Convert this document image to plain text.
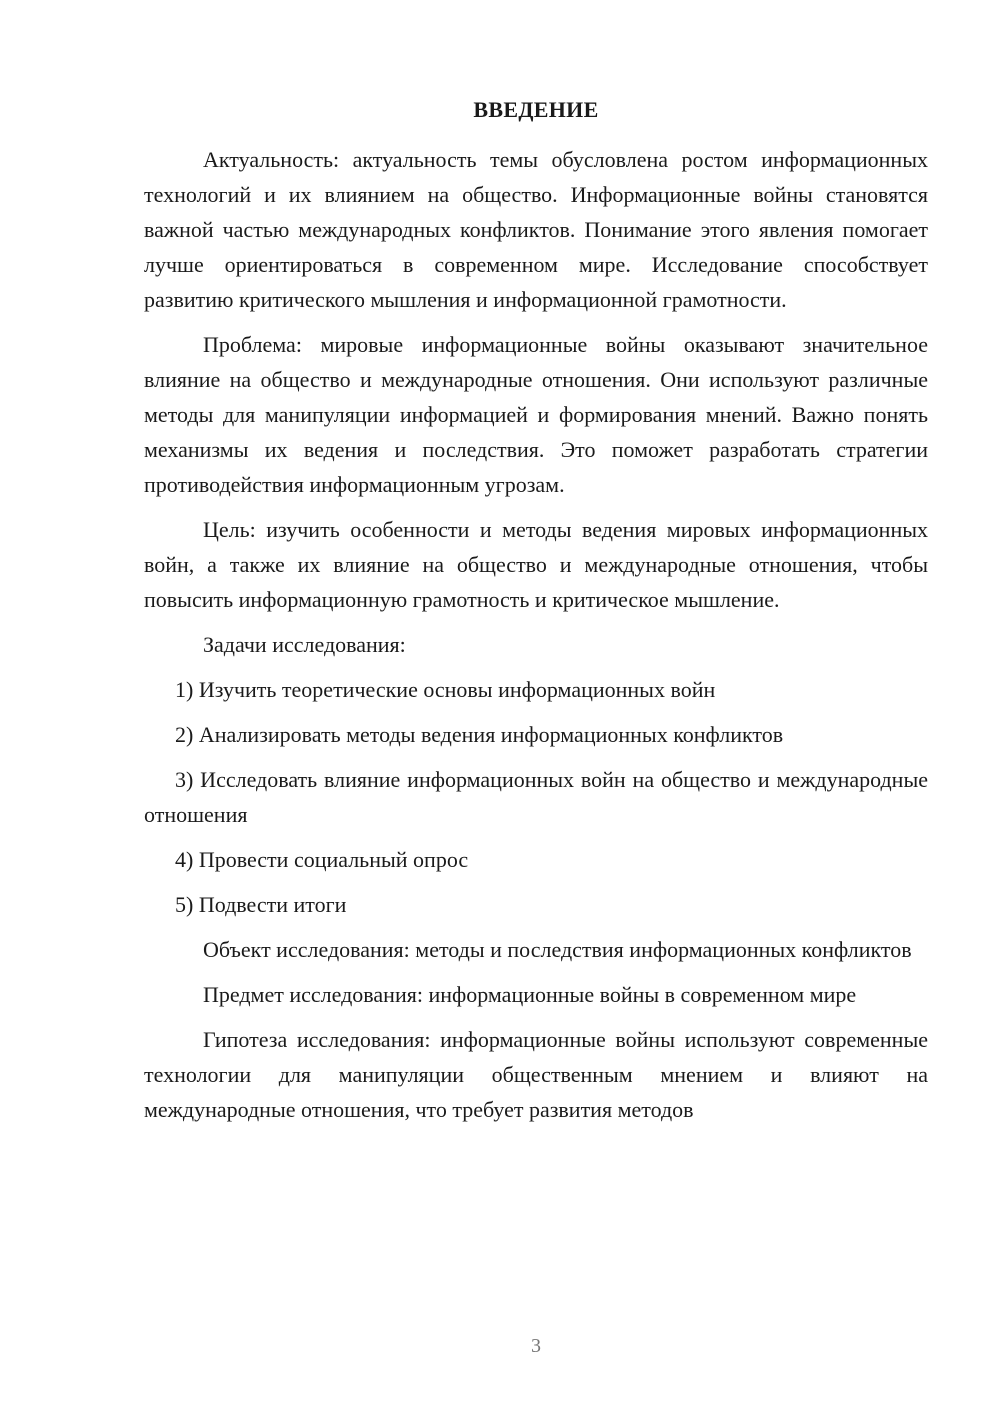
ВВЕДЕНИЕ

Актуальность: актуальность темы обусловлена ростом информационных технологий и их влиянием на общество. Информационные войны становятся важной частью международных конфликтов. Понимание этого явления помогает лучше ориентироваться в современном мире. Исследование способствует развитию критического мышления и информационной грамотности.

Проблема: мировые информационные войны оказывают значительное влияние на общество и международные отношения. Они используют различные методы для манипуляции информацией и формирования мнений. Важно понять механизмы их ведения и последствия. Это поможет разработать стратегии противодействия информационным угрозам.

Цель: изучить особенности и методы ведения мировых информационных войн, а также их влияние на общество и международные отношения, чтобы повысить информационную грамотность и критическое мышление.

Задачи исследования:

1) Изучить теоретические основы информационных войн

2) Анализировать методы ведения информационных конфликтов

3) Исследовать влияние информационных войн на общество и международные отношения

4) Провести социальный опрос

5) Подвести итоги

Объект исследования: методы и последствия информационных конфликтов

Предмет исследования: информационные войны в современном мире

Гипотеза исследования: информационные войны используют современные технологии для манипуляции общественным мнением и влияют на международные отношения, что требует развития методов

3
